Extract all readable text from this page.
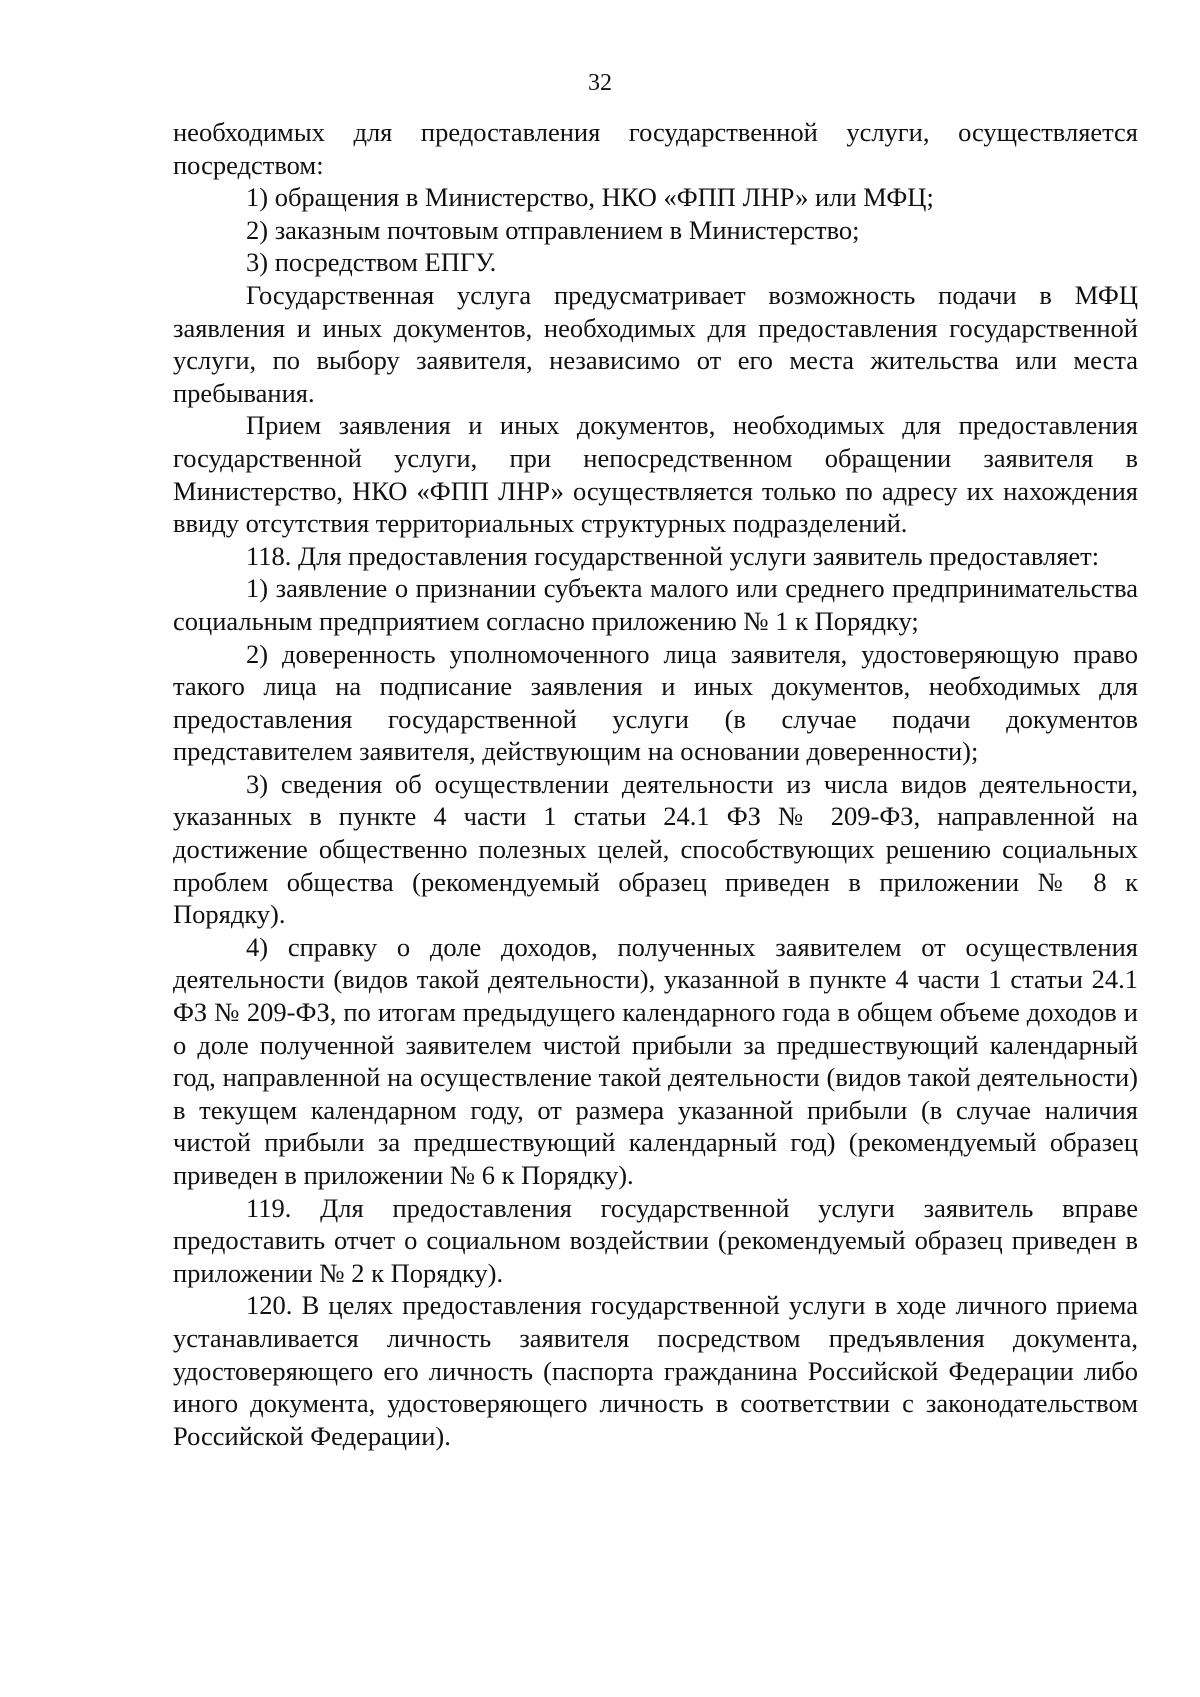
32

необходимых для предоставления государственной услуги, осуществляется посредством:

1) обращения в Министерство, НКО «ФПП ЛНР» или МФЦ;

2) заказным почтовым отправлением в Министерство;

3) посредством ЕПГУ.

Государственная услуга предусматривает возможность подачи в МФЦ заявления и иных документов, необходимых для предоставления государственной услуги, по выбору заявителя, независимо от его места жительства или места пребывания.

Прием заявления и иных документов, необходимых для предоставления государственной услуги, при непосредственном обращении заявителя в Министерство, НКО «ФПП ЛНР» осуществляется только по адресу их нахождения ввиду отсутствия территориальных структурных подразделений.

118. Для предоставления государственной услуги заявитель предоставляет:

1) заявление о признании субъекта малого или среднего предпринимательства социальным предприятием согласно приложению № 1 к Порядку;

2) доверенность уполномоченного лица заявителя, удостоверяющую право такого лица на подписание заявления и иных документов, необходимых для предоставления государственной услуги (в случае подачи документов представителем заявителя, действующим на основании доверенности);

3) сведения об осуществлении деятельности из числа видов деятельности, указанных в пункте 4 части 1 статьи 24.1 ФЗ № 209-ФЗ, направленной на достижение общественно полезных целей, способствующих решению социальных проблем общества (рекомендуемый образец приведен в приложении № 8 к Порядку).

4) справку о доле доходов, полученных заявителем от осуществления деятельности (видов такой деятельности), указанной в пункте 4 части 1 статьи 24.1 ФЗ № 209-ФЗ, по итогам предыдущего календарного года в общем объеме доходов и о доле полученной заявителем чистой прибыли за предшествующий календарный год, направленной на осуществление такой деятельности (видов такой деятельности) в текущем календарном году, от размера указанной прибыли (в случае наличия чистой прибыли за предшествующий календарный год) (рекомендуемый образец приведен в приложении № 6 к Порядку).

119. Для предоставления государственной услуги заявитель вправе предоставить отчет о социальном воздействии (рекомендуемый образец приведен в приложении № 2 к Порядку).

120. В целях предоставления государственной услуги в ходе личного приема устанавливается личность заявителя посредством предъявления документа, удостоверяющего его личность (паспорта гражданина Российской Федерации либо иного документа, удостоверяющего личность в соответствии с законодательством Российской Федерации).
